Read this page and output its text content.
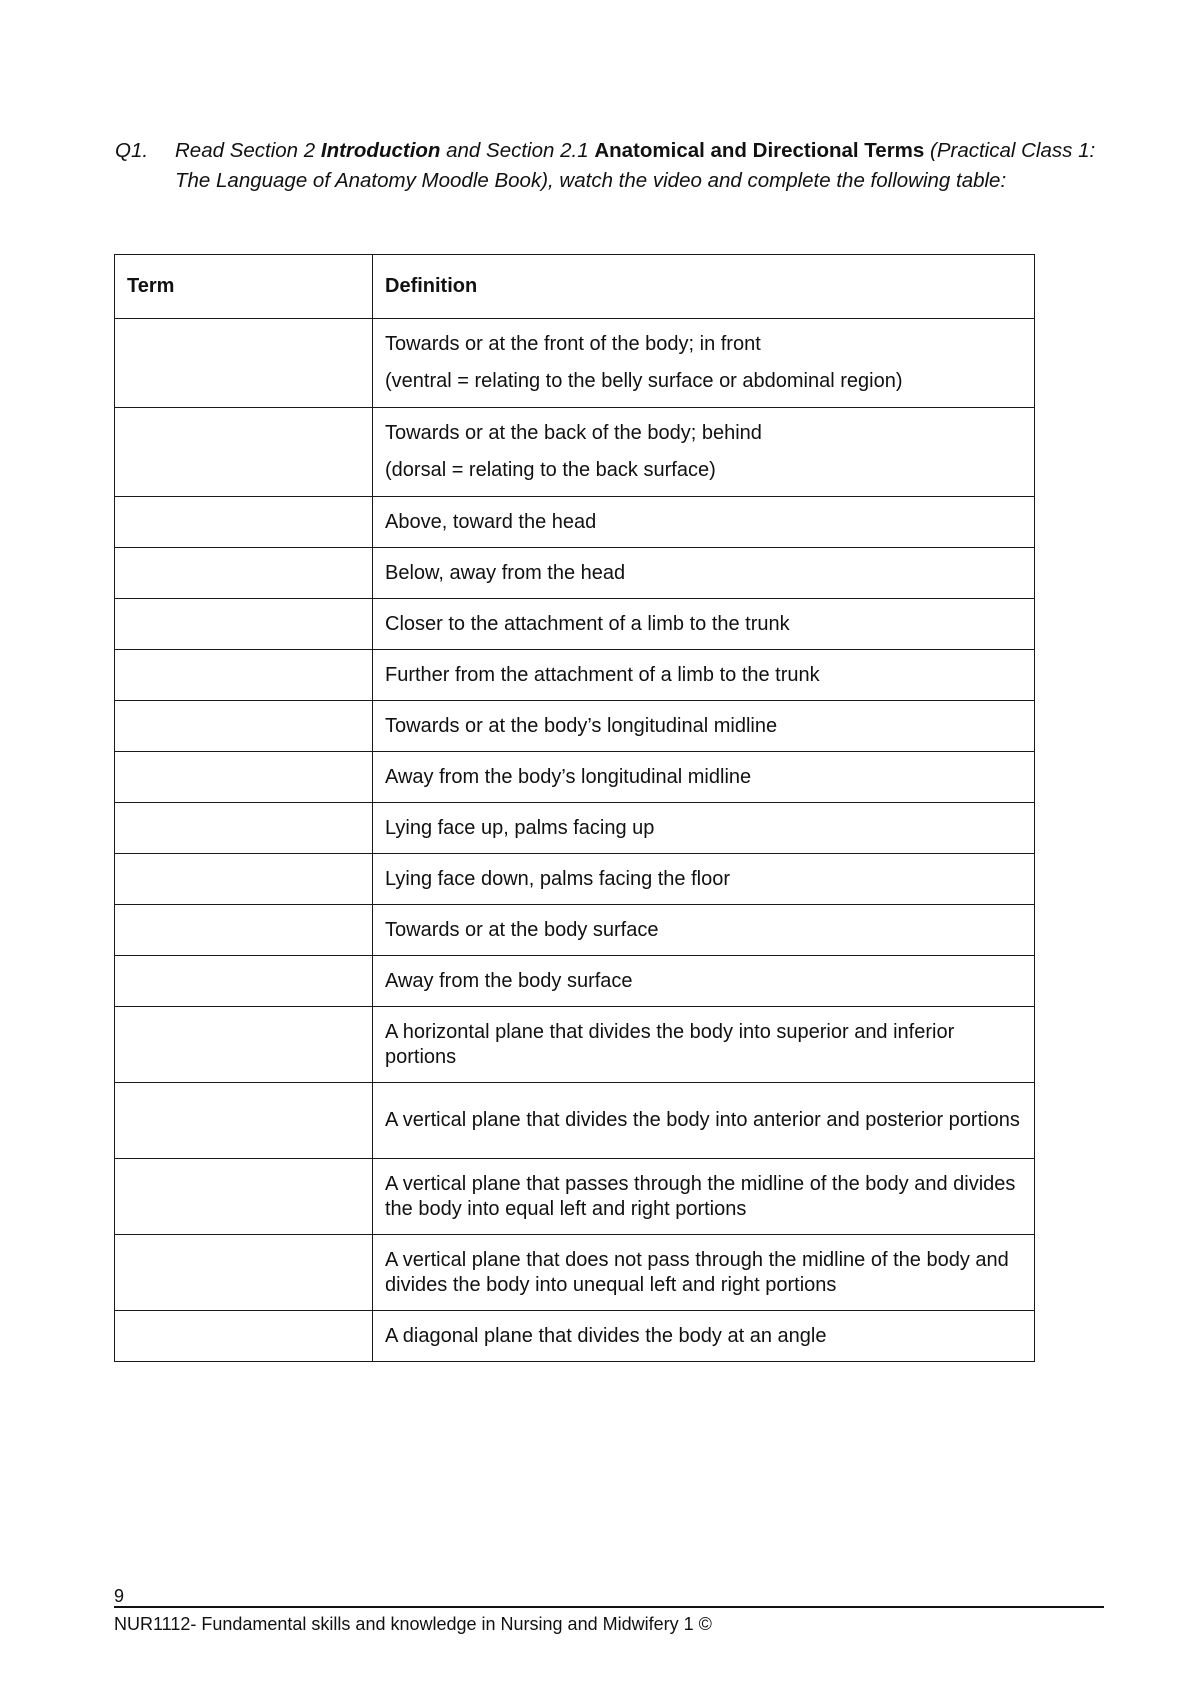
Q1.	Read Section 2 Introduction and Section 2.1 Anatomical and Directional Terms (Practical Class 1: The Language of Anatomy Moodle Book), watch the video and complete the following table:
Term	Definition
	Towards or at the front of the body; in front
(ventral = relating to the belly surface or abdominal region)

	Towards or at the back of the body; behind
(dorsal = relating to the back surface)

	Above, toward the head
	Below, away from the head
	Closer to the attachment of a limb to the trunk
	Further from the attachment of a limb to the trunk
	Towards or at the body’s longitudinal midline
	Away from the body’s longitudinal midline
	Lying face up, palms facing up
	Lying face down, palms facing the floor
	Towards or at the body surface
	Away from the body surface
	A horizontal plane that divides the body into superior and inferior portions
	A vertical plane that divides the body into anterior and posterior portions
	A vertical plane that passes through the midline of the body and divides the body into equal left and right portions
	A vertical plane that does not pass through the midline of the body and divides the body into unequal left and right portions
	A diagonal plane that divides the body at an angle
9
NUR1112- Fundamental skills and knowledge in Nursing and Midwifery 1 ©
